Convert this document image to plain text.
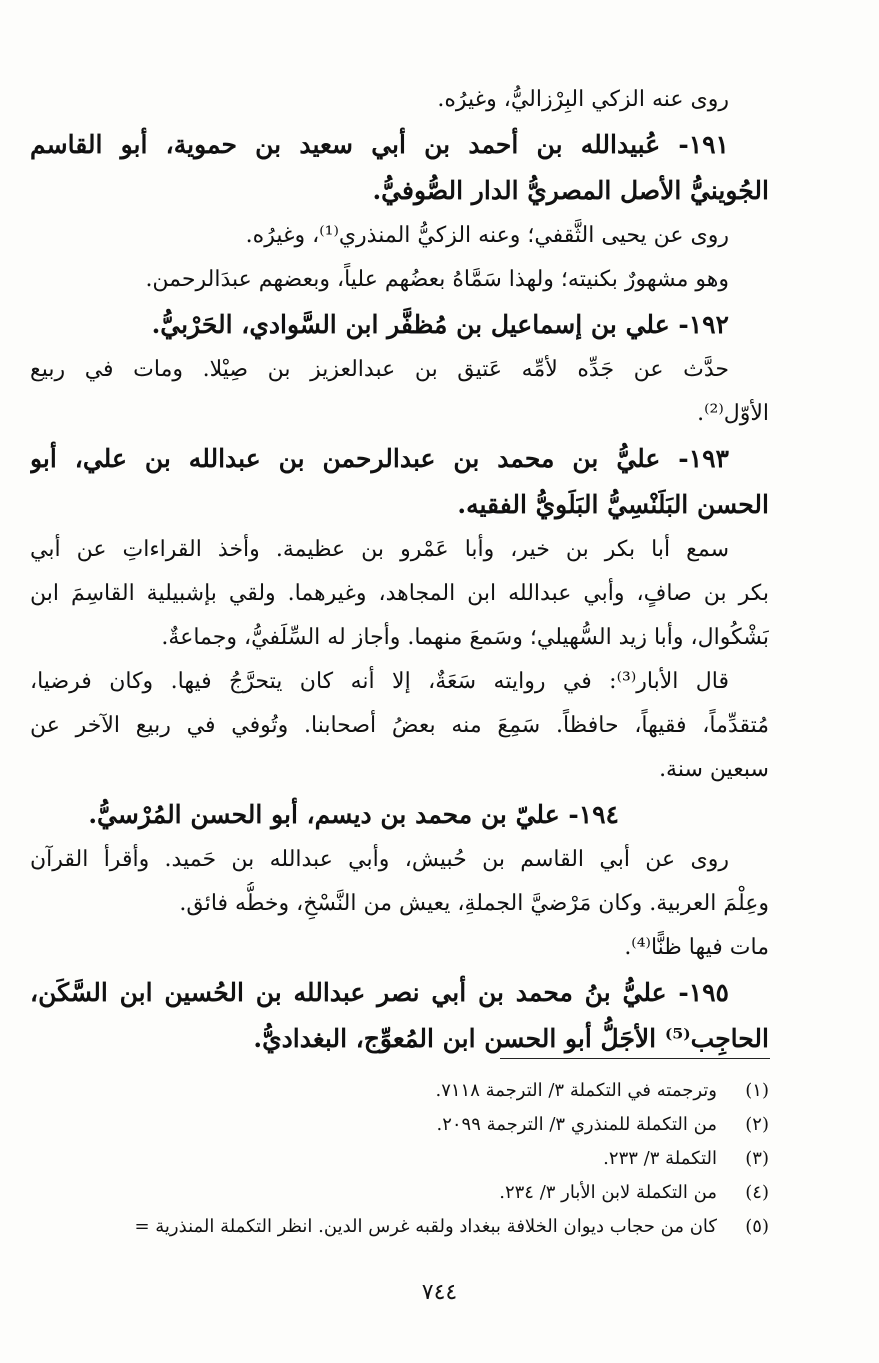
روى عنه الزكي البِرْزاليُّ، وغيرُه.

١٩١- عُبيدالله بن أحمد بن أبي سعيد بن حموية، أبو القاسم

الجُوينيُّ الأصل المصريُّ الدار الصُّوفيُّ.

روى عن يحيى الثَّقفي؛ وعنه الزكيُّ المنذري⁽¹⁾، وغيرُه.

وهو مشهورٌ بكنيته؛ ولهذا سَمَّاهُ بعضُهم علياً، وبعضهم عبدَالرحمن.

١٩٢- علي بن إسماعيل بن مُظفَّر ابن السَّوادي، الحَرْبيُّ.

حدَّث عن جَدِّه لأمِّه عَتيق بن عبدالعزيز بن صِيْلا. ومات في ربيع

الأوّل⁽²⁾.

١٩٣- عليُّ بن محمد بن عبدالرحمن بن عبدالله بن علي، أبو

الحسن البَلَنْسِيُّ البَلَويُّ الفقيه.

سمع أبا بكر بن خير، وأبا عَمْرو بن عظيمة. وأخذ القراءاتِ عن أبي

بكر بن صافٍ، وأبي عبدالله ابن المجاهد، وغيرهما. ولقي بإشبيلية القاسِمَ ابن

بَشْكُوال، وأبا زيد السُّهيلي؛ وسَمعَ منهما. وأجاز له السِّلَفيُّ، وجماعةٌ.

قال الأبار⁽³⁾: في روايته سَعَةٌ، إلا أنه كان يتحرَّجُ فيها. وكان فرضيا،

مُتقدِّماً، فقيهاً، حافظاً. سَمِعَ منه بعضُ أصحابنا. وتُوفي في ربيع الآخر عن

سبعين سنة.

١٩٤- عليّ بن محمد بن ديسم، أبو الحسن المُرْسيُّ.

روى عن أبي القاسم بن حُبيش، وأبي عبدالله بن حَميد. وأقرأ القرآن

وعِلْمَ العربية. وكان مَرْضيَّ الجملةِ، يعيش من النَّسْخِ، وخطُّه فائق.

مات فيها ظنًّا⁽⁴⁾.

١٩٥- عليُّ بنُ محمد بن أبي نصر عبدالله بن الحُسين ابن السَّكَن،

الحاجِب⁽⁵⁾ الأجَلُّ أبو الحسن ابن المُعوِّج، البغداديُّ.

(١)
وترجمته في التكملة ٣/ الترجمة ٧١١٨.
(٢)
من التكملة للمنذري ٣/ الترجمة ٢٠٩٩.
(٣)
التكملة ٣/ ٢٣٣.
(٤)
من التكملة لابن الأبار ٣/ ٢٣٤.
(٥)
كان من حجاب ديوان الخلافة ببغداد ولقبه غرس الدين. انظر التكملة المنذرية =
٧٤٤
